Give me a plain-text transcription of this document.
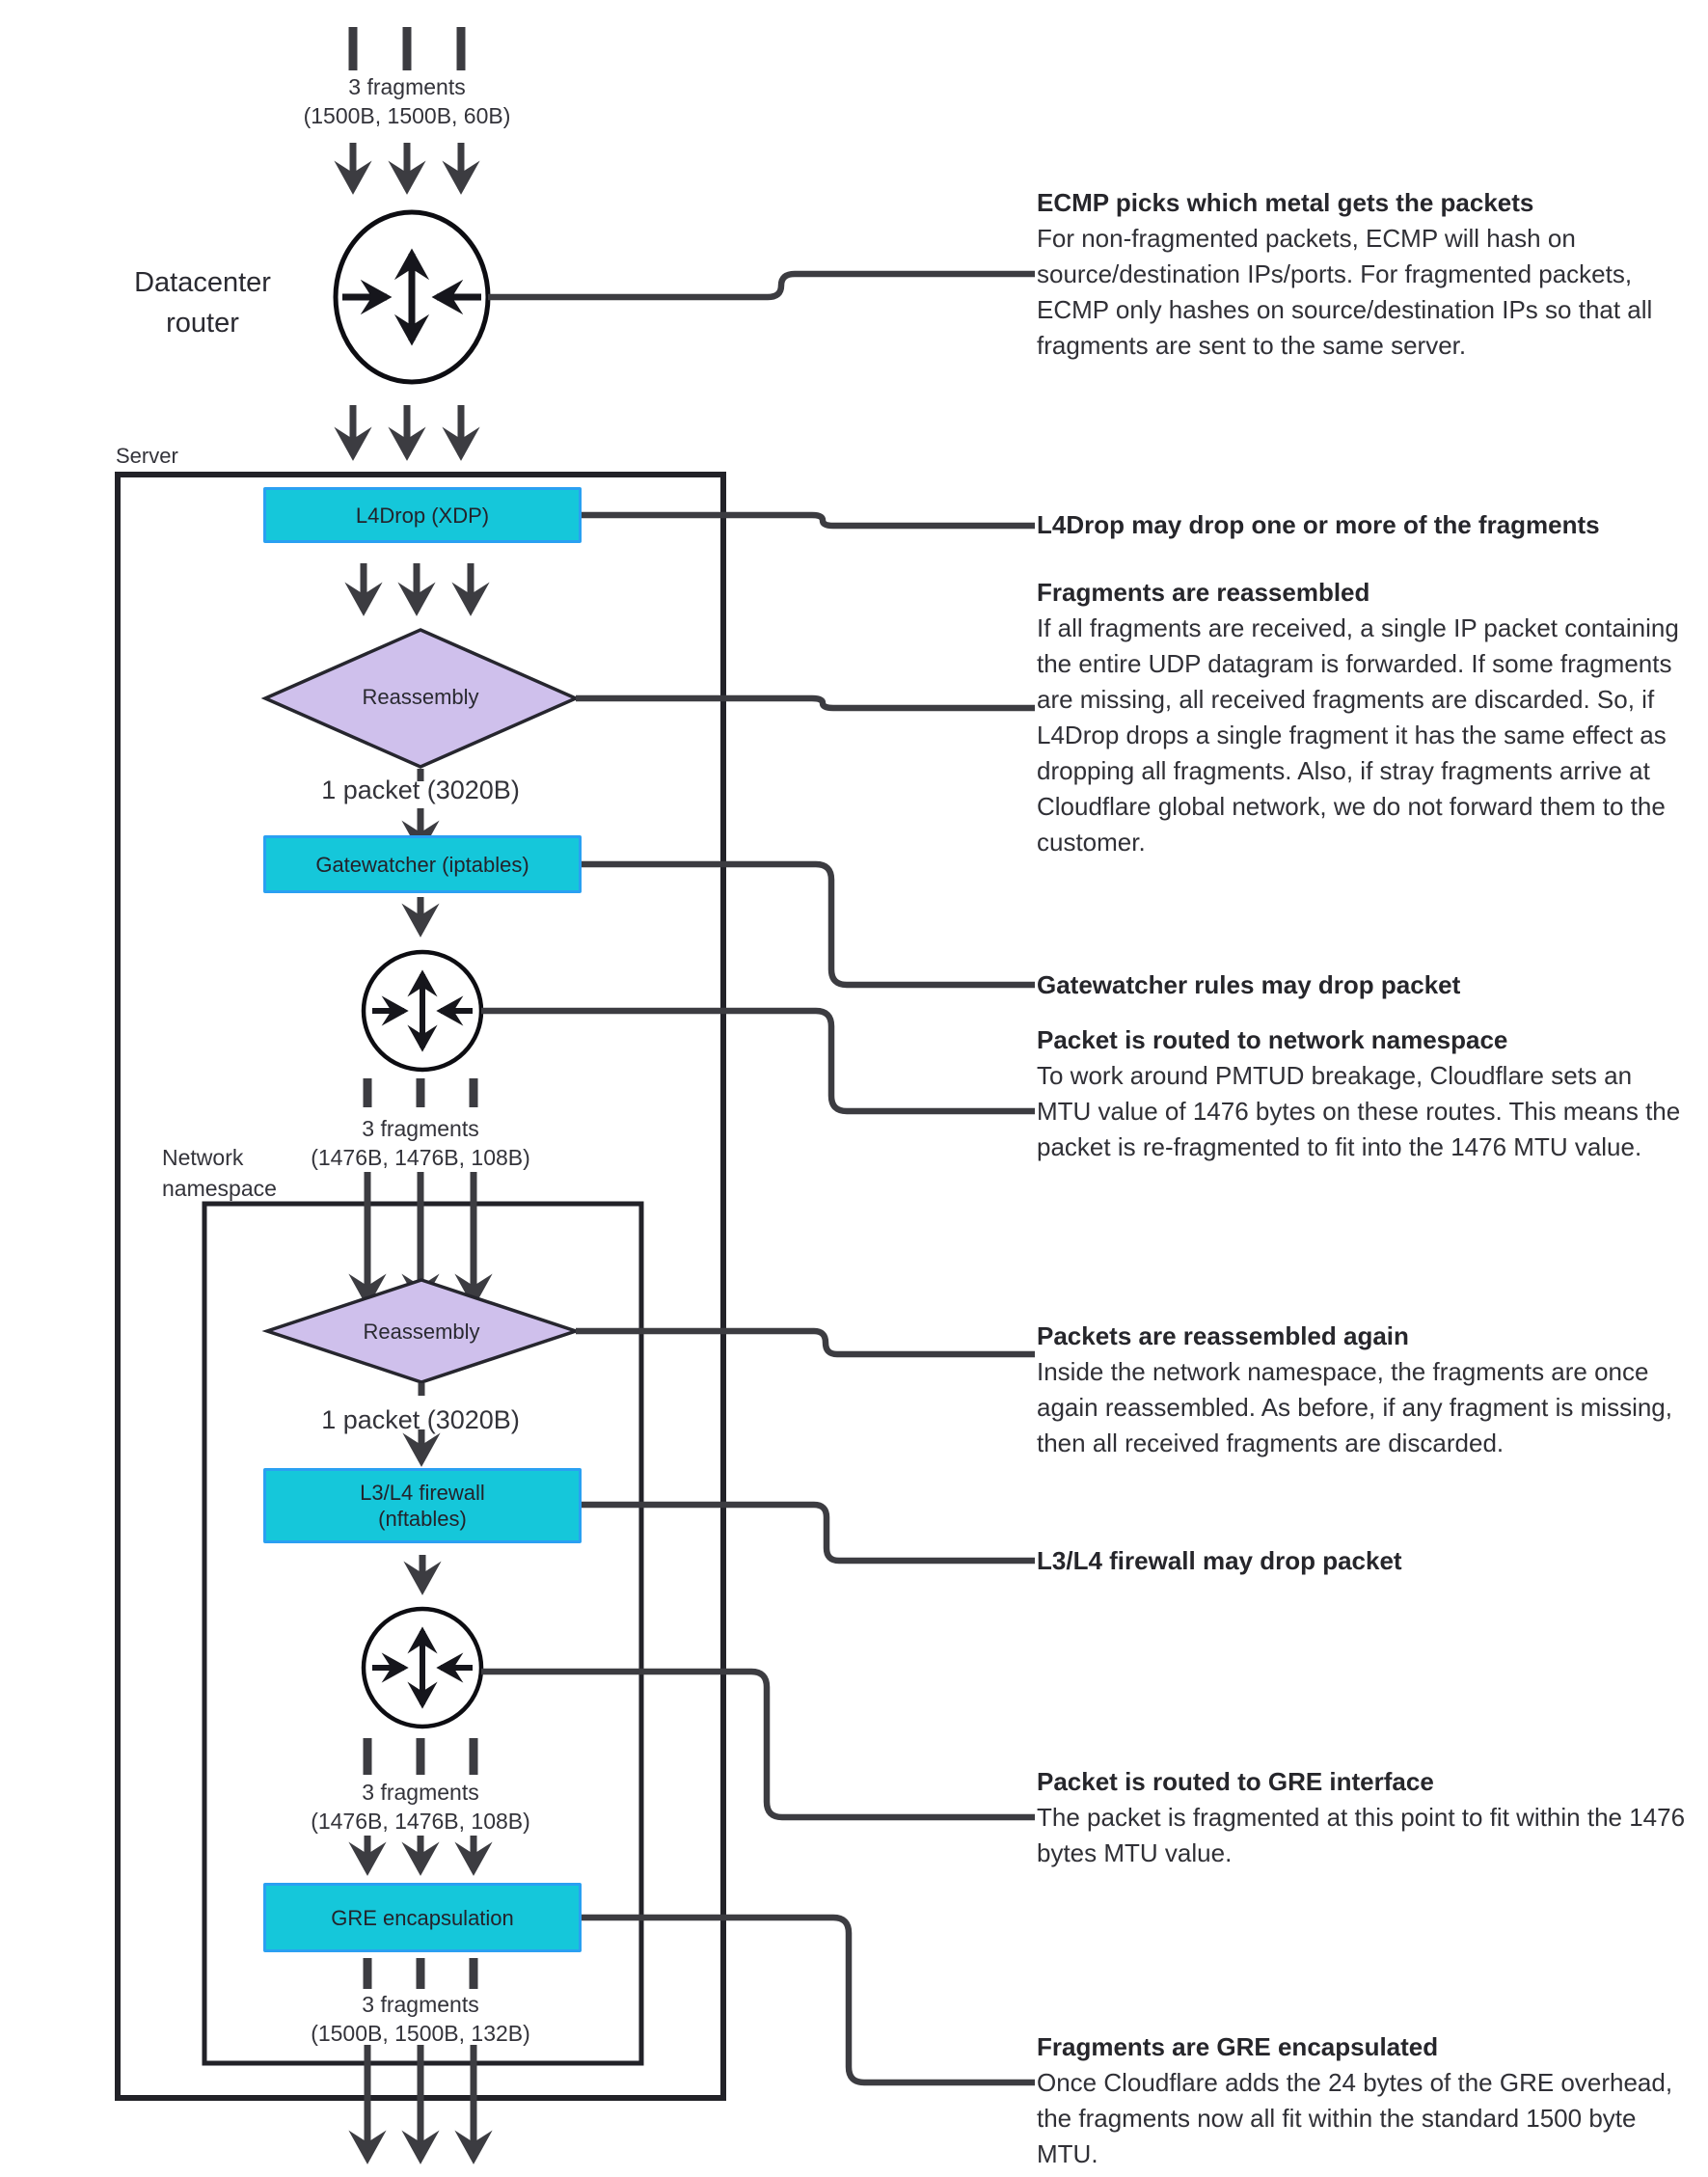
3 fragments
(1500B, 1500B, 60B)
Datacenter
router
Server
L4Drop (XDP)
Reassembly
1 packet (3020B)
Gatewatcher (iptables)
3 fragments
(1476B, 1476B, 108B)
Network
namespace
Reassembly
1 packet (3020B)
L3/L4 firewall
(nftables)
3 fragments
(1476B, 1476B, 108B)
GRE encapsulation
3 fragments
(1500B, 1500B, 132B)
ECMP picks which metal gets the packets
For non-fragmented packets, ECMP will hash on source/destination IPs/ports. For fragmented packets, ECMP only hashes on source/destination IPs so that all fragments are sent to the same server.
L4Drop may drop one or more of the fragments
Fragments are reassembled
If all fragments are received, a single IP packet containing the entire UDP datagram is forwarded. If some fragments are missing, all received fragments are discarded. So, if L4Drop drops a single fragment it has the same effect as dropping all fragments. Also, if stray fragments arrive at Cloudflare global network, we do not forward them to the customer.
Gatewatcher rules may drop packet
Packet is routed to network namespace
To work around PMTUD breakage, Cloudflare sets an MTU value of 1476 bytes on these routes. This means the packet is re-fragmented to fit into the 1476 MTU value.
Packets are reassembled again
Inside the network namespace, the fragments are once again reassembled. As before, if any fragment is missing, then all received fragments are discarded.
L3/L4 firewall may drop packet
Packet is routed to GRE interface
The packet is fragmented at this point to fit within the 1476 bytes MTU value.
Fragments are GRE encapsulated
Once Cloudflare adds the 24 bytes of the GRE overhead, the fragments now all fit within the standard 1500 byte MTU.
